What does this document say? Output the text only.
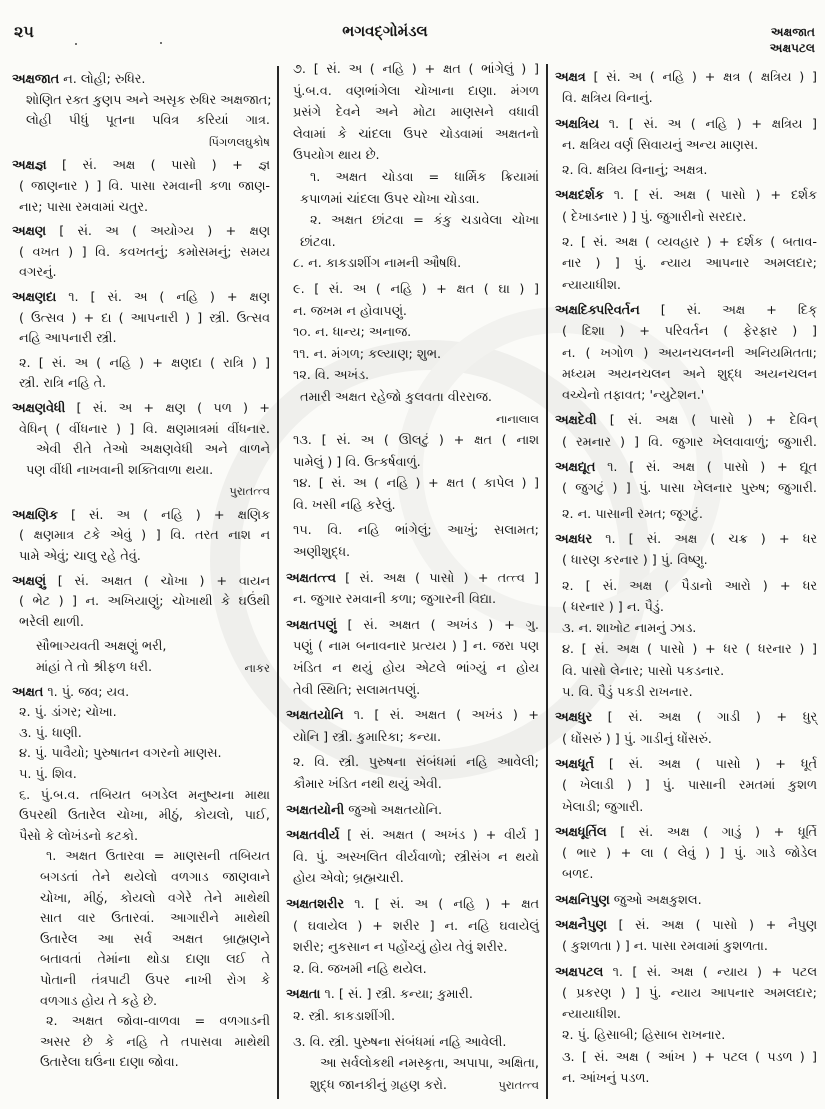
૨૫	ભગવદ્ગોમંડલ	અક્ષજાત
અક્ષપટલ
અક્ષજાત ન. લોહી; રુધિર.
શોણિત રક્ત કુણપ અને અસૃક રુધિર અક્ષજાત;
લોહી પીધું પૂતના પવિત્ર કરિયાં ગાત્ર.
પિંગળલઘુકોષ
અક્ષજ્ઞ [ સં. અક્ષ ( પાસો ) + જ્ઞ
( જાણનાર ) ] વિ. પાસા રમવાની કળા જાણ-
નાર; પાસા રમવામાં ચતુર.
અક્ષણ [ સં. અ ( અયોગ્ય ) + ક્ષણ
( વખત ) ] વિ. કવખતનું; કમોસમનું; સમય
વગરનું.
અક્ષણદા ૧. [ સં. અ ( નહિ ) + ક્ષણ
( ઉત્સવ ) + દા ( આપનારી ) ] સ્ત્રી. ઉત્સવ
નહિ આપનારી સ્ત્રી.
૨. [ સં. અ ( નહિ ) + ક્ષણદા ( રાત્રિ ) ]
સ્ત્રી. રાત્રિ નહિ તે.
અક્ષણવેધી [ સં. અ + ક્ષણ ( પળ ) +
વેધિન્ ( વીંધનાર ) ] વિ. ક્ષણમાત્રમાં વીંધનાર.
એવી રીતે તેઓ અક્ષણવેધી અને વાળને
પણ વીંધી નાખવાની શક્તિવાળા થયા.
પુરાતત્ત્વ
અક્ષણિક [ સં. અ ( નહિ ) + ક્ષણિક
( ક્ષણમાત્ર ટકે એવું ) ] વિ. તરત નાશ ન
પામે એવું; ચાલુ રહે તેવું.
અક્ષણું [ સં. અક્ષત ( ચોખા ) + વાયન
( ભેટ ) ] ન. અખિયાણું; ચોખાથી કે ઘઉંથી
ભરેલી થાળી.
સૌભાગ્યવતી અક્ષણું ભરી,
માંહાં તે તો શ્રીફળ ધરી.	નાકર
અક્ષત ૧. પું. જવ; યવ.
૨. પું. ડાંગર; ચોખા.
૩. પું. ધાણી.
૪. પું. પાવૈયો; પુરુષાતન વગરનો માણસ.
૫. પું. શિવ.
૬. પું.બ.વ. તબિયત બગડેલ મનુષ્યના માથા
ઉપરથી ઉતારેલ ચોખા, મીઠું, કોયલો, પાઈ,
પૈસો કે લોખંડનો કટકો.
૧. અક્ષત ઉતારવા = માણસની તબિયત
બગડતાં તેને થયેલો વળગાડ જાણવાને
ચોખા, મીઠું, કોયલો વગેરે તેને માથેથી
સાત વાર ઉતારવાં. આગારીને માથેથી
ઉતારેલ આ સર્વ અક્ષત બ્રાહ્મણને
બતાવતાં તેમાંના થોડા દાણા લઈ તે
પોતાની તંત્રપાટી ઉપર નાખી રોગ કે
વળગાડ હોય તે કહે છે.
૨. અક્ષત જોવા-વાળવા = વળગાડની
અસર છે કે નહિ તે તપાસવા માથેથી
ઉતારેલા ઘઉંના દાણા જોવા.
૭. [ સં. અ ( નહિ ) + ક્ષત ( ભાંગેલું ) ]
પું.બ.વ. વણભાંગેલા ચોખાના દાણા. મંગળ
પ્રસંગે દેવને અને મોટા માણસને વધાવી
લેવામાં કે ચાંદલા ઉપર ચોડવામાં અક્ષતનો
ઉપયોગ થાય છે.
૧. અક્ષત ચોડવા = ધાર્મિક ક્રિયામાં
કપાળમાં ચાંદલા ઉપર ચોખા ચોડવા.
૨. અક્ષત છાંટવા = કંકુ ચડાવેલા ચોખા
છાંટવા.
૮. ન. કાકડાશીંગ નામની ઔષધિ.
૯. [ સં. અ ( નહિ ) + ક્ષત ( ઘા ) ]
ન. જખમ ન હોવાપણું.
૧૦. ન. ધાન્ય; અનાજ.
૧૧. ન. મંગળ; કલ્યાણ; શુભ.
૧૨. વિ. અખંડ.
તમારી અક્ષત રહેજો કુલવતા વીરરાજ.
નાનાલાલ
૧૩. [ સં. અ ( ઊલટું ) + ક્ષત ( નાશ
પામેલું ) ] વિ. ઉત્કર્ષવાળું.
૧૪. [ સં. અ ( નહિ ) + ક્ષત ( કાપેલ ) ]
વિ. ખસી નહિ કરેલું.
૧૫. વિ. નહિ ભાંગેલું; આખું; સલામત;
અણીશુદ્ધ.
અક્ષતત્ત્વ [ સં. અક્ષ ( પાસો ) + તત્ત્વ ]
ન. જુગાર રમવાની કળા; જુગારની વિદ્યા.
અક્ષતપણું [ સં. અક્ષત ( અખંડ ) + ગુ.
પણું ( નામ બનાવનાર પ્રત્યય ) ] ન. જરા પણ
ખંડિત ન થયું હોય એટલે ભાંગ્યું ન હોય
તેવી સ્થિતિ; સલામતપણું.
અક્ષતયોનિ ૧. [ સં. અક્ષત ( અખંડ ) +
યોનિ ] સ્ત્રી. કુમારિકા; કન્યા.
૨. વિ. સ્ત્રી. પુરુષના સંબંધમાં નહિ આવેલી;
કૌમાર ખંડિત નથી થયું એવી.
અક્ષતયોની જુઓ અક્ષતયોનિ.
અક્ષતવીર્ય [ સં. અક્ષત ( અખંડ ) + વીર્ય ]
વિ. પું. અસ્ખલિત વીર્યવાળો; સ્ત્રીસંગ ન થયો
હોય એવો; બ્રહ્મચારી.
અક્ષતશરીર ૧. [ સં. અ ( નહિ ) + ક્ષત
( ઘવાયેલ ) + શરીર ] ન. નહિ ઘવાયેલું
શરીર; નુકસાન ન પહોંચ્યું હોય તેવું શરીર.
૨. વિ. જખમી નહિ થયેલ.
અક્ષતા ૧. [ સં. ] સ્ત્રી. કન્યા; કુમારી.
૨. સ્ત્રી. કાકડાશીંગી.
૩. વિ. સ્ત્રી. પુરુષના સંબંધમાં નહિ આવેલી.
આ સર્વલોકથી નમસ્કૃતા, અપાપા, અક્ષિતા,
શુદ્ધ જાનકીનું ગ્રહણ કરો.	પુરાતત્ત્વ
અક્ષત્ર [ સં. અ ( નહિ ) + ક્ષત્ર ( ક્ષત્રિય ) ]
વિ. ક્ષત્રિય વિનાનું.
અક્ષત્રિય ૧. [ સં. અ ( નહિ ) + ક્ષત્રિય ]
ન. ક્ષત્રિય વર્ણ સિવાયનું અન્ય માણસ.
૨. વિ. ક્ષત્રિય વિનાનું; અક્ષત્ર.
અક્ષદર્શક ૧. [ સં. અક્ષ ( પાસો ) + દર્શક
( દેખાડનાર ) ] પું. જુગારીનો સરદાર.
૨. [ સં. અક્ષ ( વ્યવહાર ) + દર્શક ( બતાવ-
નાર ) ] પું. ન્યાય આપનાર અમલદાર;
ન્યાયાધીશ.
અક્ષદિક્પરિવર્તન [ સં. અક્ષ + દિક્
( દિશા ) + પરિવર્તન ( ફેરફાર ) ]
ન. ( ખગોળ ) અયનચલનની અનિયમિતતા;
મધ્યમ અયનચલન અને શુદ્ધ અયનચલન
વચ્ચેનો તફાવત; 'ન્યુટેશન.'
અક્ષદેવી [ સં. અક્ષ ( પાસો ) + દેવિન્
( રમનાર ) ] વિ. જુગાર ખેલવાવાળું; જુગારી.
અક્ષદ્યૂત ૧. [ સં. અક્ષ ( પાસો ) + દ્યૂત
( જુગટું ) ] પું. પાસા ખેલનાર પુરુષ; જુગારી.
૨. ન. પાસાની રમત; જૂગટું.
અક્ષધર ૧. [ સં. અક્ષ ( ચક્ર ) + ધર
( ધારણ કરનાર ) ] પું. વિષ્ણુ.
૨. [ સં. અક્ષ ( પૈડાનો આરો ) + ધર
( ધરનાર ) ] ન. પૈડું.
૩. ન. શાખોટ નામનું ઝાડ.
૪. [ સં. અક્ષ ( પાસો ) + ધર ( ધરનાર ) ]
વિ. પાસો લેનાર; પાસો પકડનાર.
૫. વિ. પૈડું પકડી રાખનાર.
અક્ષધુર [ સં. અક્ષ ( ગાડી ) + ધુર્
( ધોંસરું ) ] પું. ગાડીનું ધોંસરું.
અક્ષધૂર્ત [ સં. અક્ષ ( પાસો ) + ધૂર્ત
( ખેલાડી ) ] પું. પાસાની રમતમાં કુશળ
ખેલાડી; જુગારી.
અક્ષધૂર્તિલ [ સં. અક્ષ ( ગાડું ) + ધૂર્તિ
( ભાર ) + લા ( લેવું ) ] પું. ગાડે જોડેલ
બળદ.
અક્ષનિપુણ જુઓ અક્ષકુશલ.
અક્ષનૈપુણ [ સં. અક્ષ ( પાસો ) + નૈપુણ
( કુશળતા ) ] ન. પાસા રમવામાં કુશળતા.
અક્ષપટલ ૧. [ સં. અક્ષ ( ન્યાય ) + પટલ
( પ્રકરણ ) ] પું. ન્યાય આપનાર અમલદાર;
ન્યાયાધીશ.
૨. પું. હિસાબી; હિસાબ રાખનાર.
૩. [ સં. અક્ષ ( આંખ ) + પટલ ( પડળ ) ]
ન. આંખનું પડળ.
